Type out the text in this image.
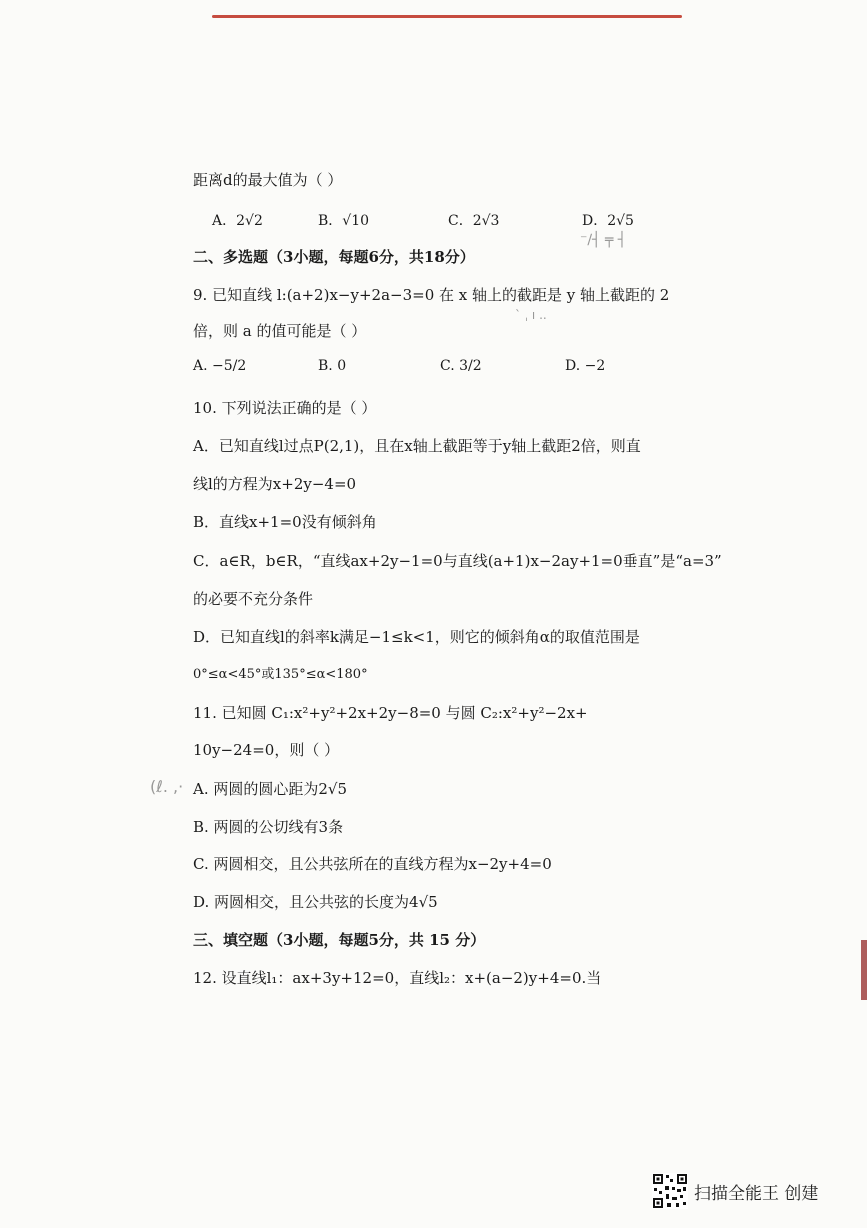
距离d的最大值为（ ）
A．2√2	B．√10	C．2√3	D．2√5
⁻∕┤ ╤ ┤
二、多选题（3小题，每题6分，共18分）
9. 已知直线 l:(a+2)x−y+2a−3=0 在 x 轴上的截距是 y 轴上截距的 2
倍，则 a 的值可能是（ ）
` ˌ ı ..
A. −5/2	B. 0	C. 3/2	D. −2
10. 下列说法正确的是（ ）
A．已知直线l过点P(2,1)，且在x轴上截距等于y轴上截距2倍，则直
线l的方程为x+2y−4=0
B．直线x+1=0没有倾斜角
C．a∈R，b∈R，“直线ax+2y−1=0与直线(a+1)x−2ay+1=0垂直”是“a=3”
的必要不充分条件
D．已知直线l的斜率k满足−1≤k<1，则它的倾斜角α的取值范围是
0°≤α<45°或135°≤α<180°
11. 已知圆 C₁:x²+y²+2x+2y−8=0 与圆 C₂:x²+y²−2x+
10y−24=0，则（ ）
(ℓ. ,· A. 两圆的圆心距为2√5
B. 两圆的公切线有3条
C. 两圆相交，且公共弦所在的直线方程为x−2y+4=0
D. 两圆相交，且公共弦的长度为4√5
三、填空题（3小题，每题5分，共 15 分）
12. 设直线l₁：ax+3y+12=0，直线l₂：x+(a−2)y+4=0.当
扫描全能王 创建
